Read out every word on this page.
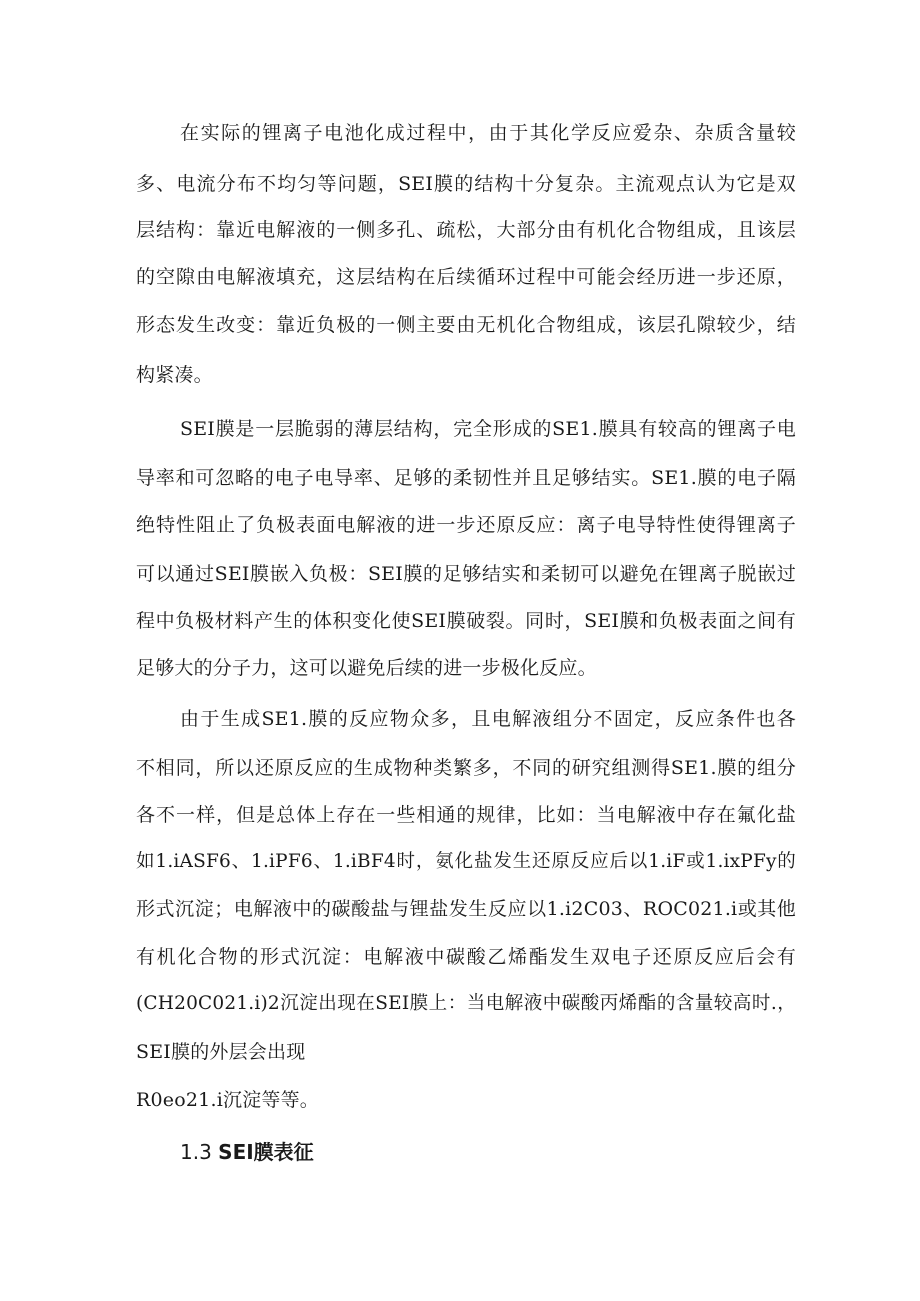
在实际的锂离子电池化成过程中，由于其化学反应爱杂、杂质含量较
多、电流分布不均匀等问题，SEI膜的结构十分复杂。主流观点认为它是双
层结构：靠近电解液的一侧多孔、疏松，大部分由有机化合物组成，且该层
的空隙由电解液填充，这层结构在后续循环过程中可能会经历进一步还原，
形态发生改变：靠近负极的一侧主要由无机化合物组成，该层孔隙较少，结
构紧凑。
SEI膜是一层脆弱的薄层结构，完全形成的SE1.膜具有较高的锂离子电
导率和可忽略的电子电导率、足够的柔韧性并且足够结实。SE1.膜的电子隔
绝特性阻止了负极表面电解液的进一步还原反应：离子电导特性使得锂离子
可以通过SEI膜嵌入负极：SEI膜的足够结实和柔韧可以避免在锂离子脱嵌过
程中负极材料产生的体积变化使SEI膜破裂。同时，SEI膜和负极表面之间有
足够大的分子力，这可以避免后续的进一步极化反应。
由于生成SE1.膜的反应物众多，且电解液组分不固定，反应条件也各
不相同，所以还原反应的生成物种类繁多，不同的研究组测得SE1.膜的组分
各不一样，但是总体上存在一些相通的规律，比如：当电解液中存在氟化盐
如1.iASF6、1.iPF6、1.iBF4时，氨化盐发生还原反应后以1.iF或1.ixPFy的
形式沉淀；电解液中的碳酸盐与锂盐发生反应以1.i2C03、ROC021.i或其他
有机化合物的形式沉淀：电解液中碳酸乙烯酯发生双电子还原反应后会有
(CH20C021.i)2沉淀出现在SEI膜上：当电解液中碳酸丙烯酯的含量较高时.，
SEI膜的外层会出现
R0eo21.i沉淀等等。
1.3 SEI膜表征
